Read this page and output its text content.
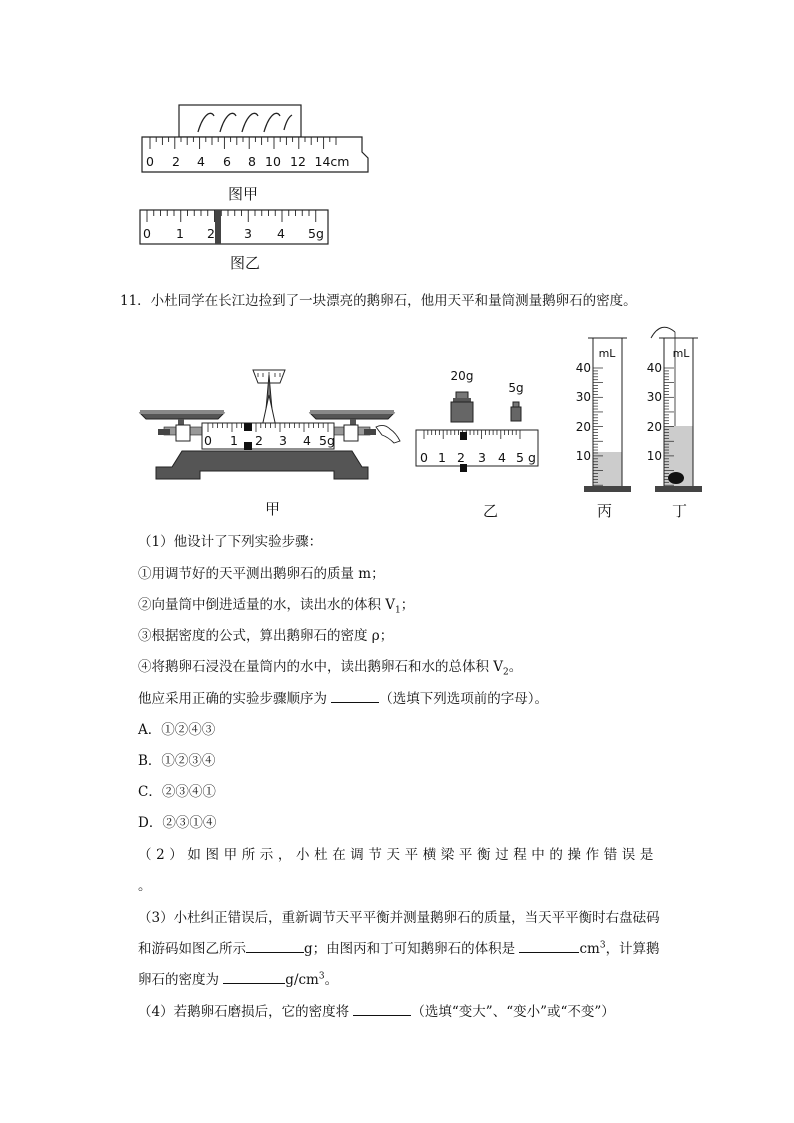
0 2 4 6 8 10 12 14cm
图甲
0 1 2 3 4 5g
图乙
11．小杜同学在长江边捡到了一块漂亮的鹅卵石，他用天平和量筒测量鹅卵石的密度。
0 1 2 3 4 5g
甲
20g
5g
0 1 2 3 4 5 g
乙
mL
40
30
20
10
丙
mL
40
30
20
10
丁
（1）他设计了下列实验步骤：
①用调节好的天平测出鹅卵石的质量 m；
②向量筒中倒进适量的水，读出水的体积 $V_1$；
③根据密度的公式，算出鹅卵石的密度 ρ；
④将鹅卵石浸没在量筒内的水中，读出鹅卵石和水的总体积 $V_2$。
他应采用正确的实验步骤顺序为	（选填下列选项前的字母）。
A．①②④③
B．①②③④
C．②③④①
D．②③①④
（2）如图甲所示，小杜在调节天平横梁平衡过程中的操作错误是
。
（3）小杜纠正错误后，重新调节天平平衡并测量鹅卵石的质量，当天平平衡时右盘砝码
和游码如图乙所示	g；由图丙和丁可知鹅卵石的体积是	$cm^3$，计算鹅
卵石的密度为	$g/cm^3$。
（4）若鹅卵石磨损后，它的密度将	（选填“变大”、“变小”或“不变”）
